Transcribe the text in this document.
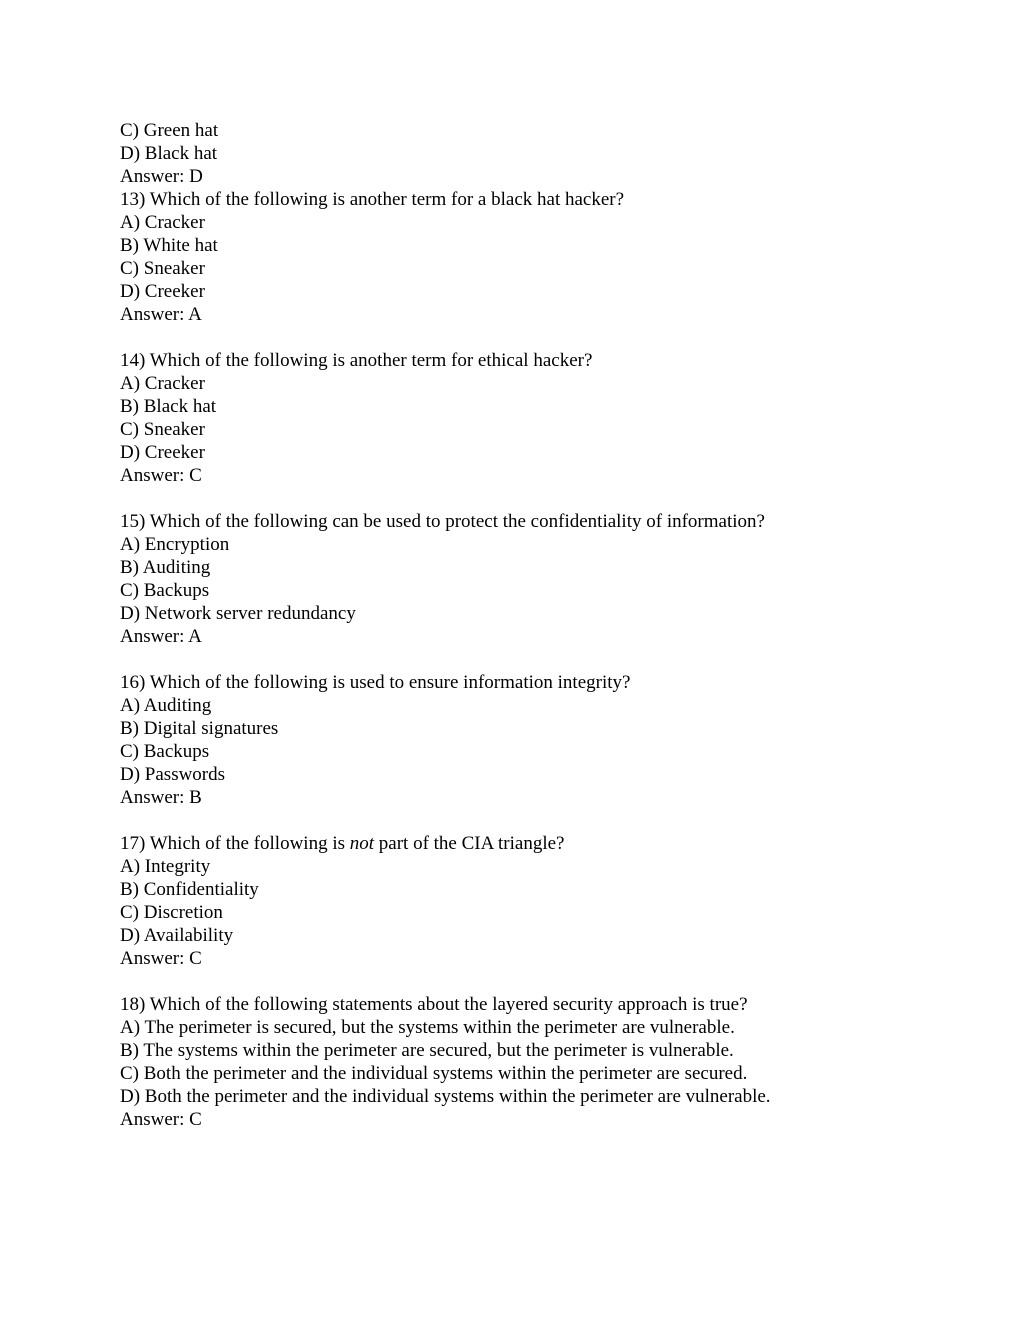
C) Green hat
D) Black hat
Answer: D
13) Which of the following is another term for a black hat hacker?
A) Cracker
B) White hat
C) Sneaker
D) Creeker
Answer: A
14) Which of the following is another term for ethical hacker?
A) Cracker
B) Black hat
C) Sneaker
D) Creeker
Answer: C
15) Which of the following can be used to protect the confidentiality of information?
A) Encryption
B) Auditing
C) Backups
D) Network server redundancy
Answer: A
16) Which of the following is used to ensure information integrity?
A) Auditing
B) Digital signatures
C) Backups
D) Passwords
Answer: B
17) Which of the following is not part of the CIA triangle?
A) Integrity
B) Confidentiality
C) Discretion
D) Availability
Answer: C
18) Which of the following statements about the layered security approach is true?
A) The perimeter is secured, but the systems within the perimeter are vulnerable.
B) The systems within the perimeter are secured, but the perimeter is vulnerable.
C) Both the perimeter and the individual systems within the perimeter are secured.
D) Both the perimeter and the individual systems within the perimeter are vulnerable.
Answer: C
